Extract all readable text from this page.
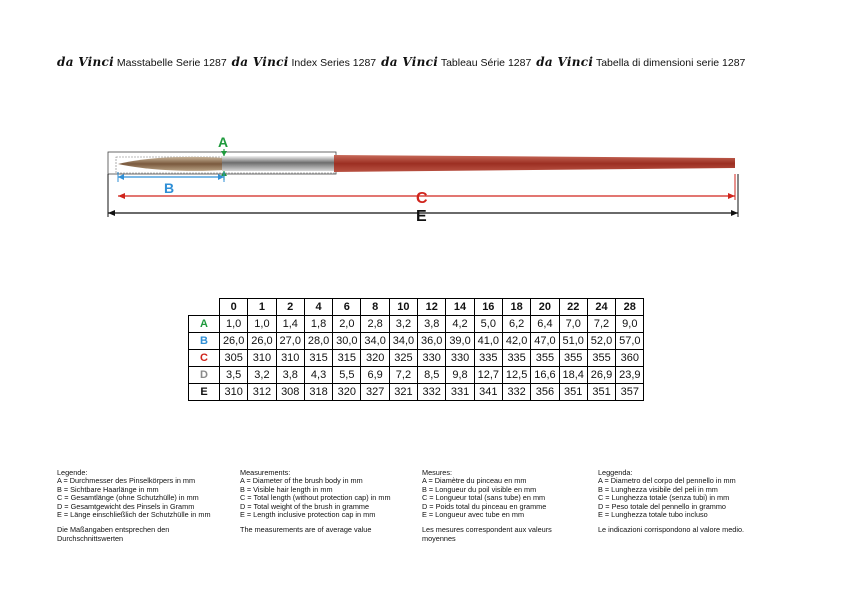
da Vinci Masstabelle Serie 1287 da Vinci Index Series 1287 da Vinci Tableau Série 1287 da Vinci Tabella di dimensioni serie 1287
A
B
C
E
	0	1	2	4	6	8	10	12	14	16	18	20	22	24	28
A	1,0	1,0	1,4	1,8	2,0	2,8	3,2	3,8	4,2	5,0	6,2	6,4	7,0	7,2	9,0
B	26,0	26,0	27,0	28,0	30,0	34,0	34,0	36,0	39,0	41,0	42,0	47,0	51,0	52,0	57,0
C	305	310	310	315	315	320	325	330	330	335	335	355	355	355	360
D	3,5	3,2	3,8	4,3	5,5	6,9	7,2	8,5	9,8	12,7	12,5	16,6	18,4	26,9	23,9
E	310	312	308	318	320	327	321	332	331	341	332	356	351	351	357
Legende:
A = Durchmesser des Pinselkörpers in mm
B = Sichtbare Haarlänge in mm
C = Gesamtlänge (ohne Schutzhülle) in mm
D = Gesamtgewicht des Pinsels in Gramm
E = Länge einschließlich der Schutzhülle in mm
Die Maßangaben entsprechen den Durchschnittswerten
Measurements:
A = Diameter of the brush body in mm
B = Visible hair length in mm
C = Total length (without protection cap) in mm
D = Total weight of the brush in gramme
E = Length inclusive protection cap in mm
The measurements are of average value
Mesures:
A = Diamètre du pinceau en mm
B = Longueur du poil visible en mm
C = Longueur total (sans tube) en mm
D = Poids total du pinceau en gramme
E = Longueur avec tube en mm
Les mesures correspondent aux valeurs moyennes
Leggenda:
A = Diametro del corpo del pennello in mm
B = Lunghezza visibile del peli in mm
C = Lunghezza totale (senza tubi) in mm
D = Peso totale del pennello in grammo
E = Lunghezza totale tubo incluso
Le indicazioni corrispondono al valore medio.
